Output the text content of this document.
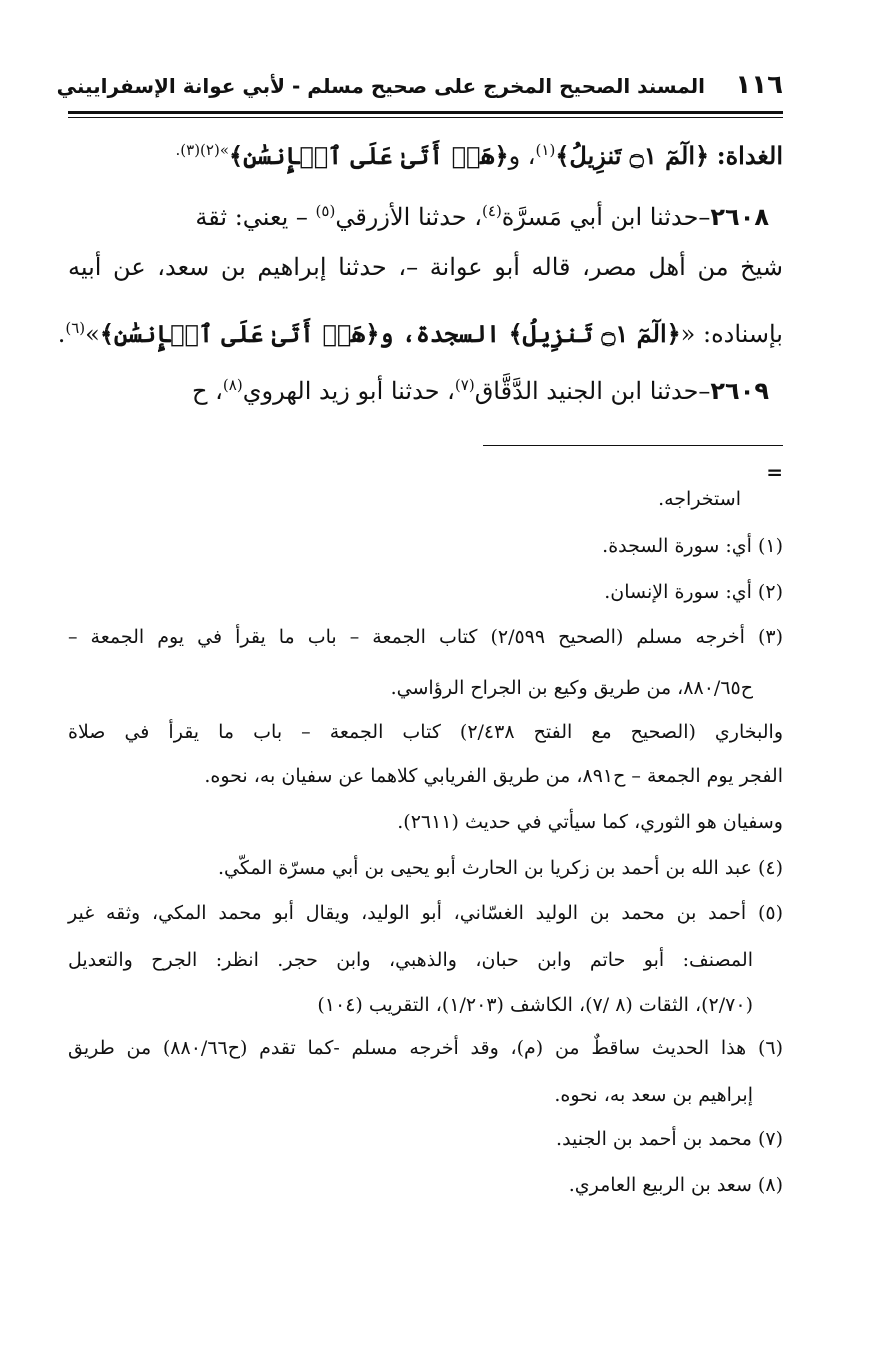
١١٦
المسند الصحيح المخرج على صحيح مسلم - لأبي عوانة الإسفراييني
الغداة: ﴿الٓمٓ ۝١ تَنزِيلُ﴾$^{(١)}$، و﴿هَلۡ أَتَىٰ عَلَى ٱلۡإِنسَٰنِ﴾$^{»(٢)(٣).}$
٢٦٠٨–حدثنا ابن أبي مَسرَّة$^{(٤)}$، حدثنا الأزرقي$^{(٥)}$ – يعني: ثقة
شيخ من أهل مصر، قاله أبو عوانة –، حدثنا إبراهيم بن سعد، عن أبيه
بإسناده: «﴿الٓمٓ ۝١ تَنزِيلُ﴾ السجدة، و﴿هَلۡ أَتَىٰ عَلَى ٱلۡإِنسَٰنِ﴾»$^{(٦)}$.
٢٦٠٩–حدثنا ابن الجنيد الدَّقَّاق$^{(٧)}$، حدثنا أبو زيد الهروي$^{(٨)}$، ح
=
استخراجه.
(١) أي: سورة السجدة.
(٢) أي: سورة الإنسان.
(٣) أخرجه مسلم (الصحيح ٢/٥٩٩) كتاب الجمعة – باب ما يقرأ في يوم الجمعة –
ح٨٨٠/٦٥، من طريق وكيع بن الجراح الرؤاسي.
والبخاري (الصحيح مع الفتح ٢/٤٣٨) كتاب الجمعة – باب ما يقرأ في صلاة
الفجر يوم الجمعة – ح٨٩١، من طريق الفريابي كلاهما عن سفيان به، نحوه.
وسفيان هو الثوري، كما سيأتي في حديث (٢٦١١).
(٤) عبد الله بن أحمد بن زكريا بن الحارث أبو يحيى بن أبي مسرّة المكّي.
(٥) أحمد بن محمد بن الوليد الغسّاني، أبو الوليد، ويقال أبو محمد المكي، وثقه غير
المصنف: أبو حاتم وابن حبان، والذهبي، وابن حجر. انظر: الجرح والتعديل
(٢/٧٠)، الثقات (٨ /٧)، الكاشف (١/٢٠٣)، التقريب (١٠٤)
(٦) هذا الحديث ساقطٌ من (م)، وقد أخرجه مسلم -كما تقدم (ح٨٨٠/٦٦) من طريق
إبراهيم بن سعد به، نحوه.
(٧) محمد بن أحمد بن الجنيد.
(٨) سعد بن الربيع العامري.
